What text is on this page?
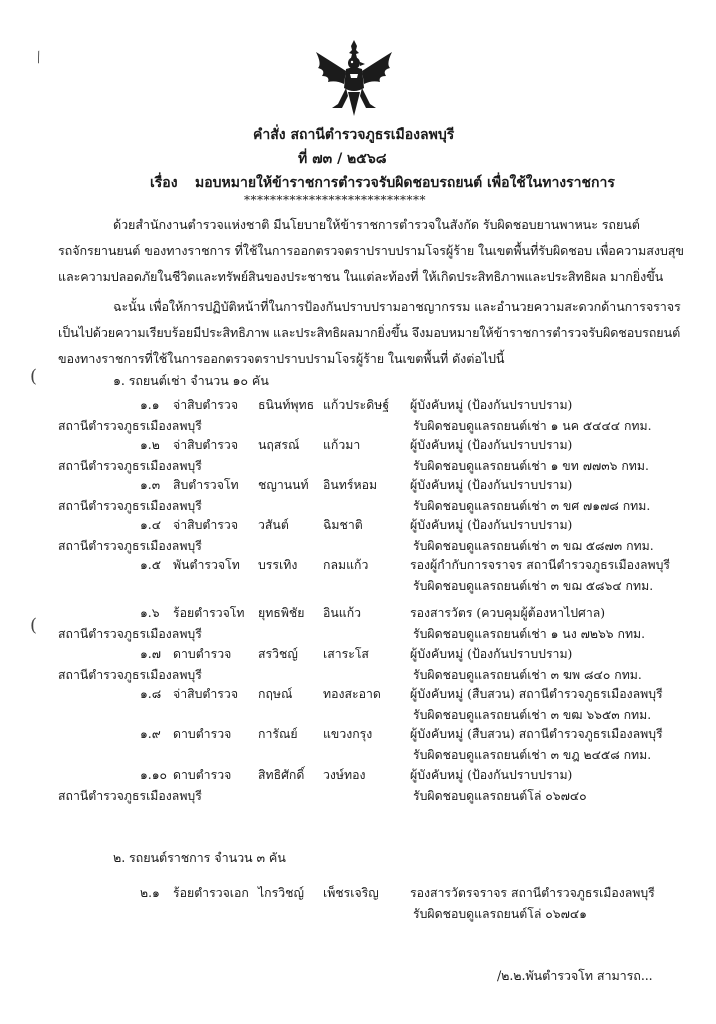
⁄
(
(
คำสั่ง สถานีตำรวจภูธรเมืองลพบุรี
ที่ ๗๓ / ๒๕๖๘
เรื่อง มอบหมายให้ข้าราชการตำรวจรับผิดชอบรถยนต์ เพื่อใช้ในทางราชการ
****************************
ด้วยสำนักงานตำรวจแห่งชาติ มีนโยบายให้ข้าราชการตำรวจในสังกัด รับผิดชอบยานพาหนะ รถยนต์
รถจักรยานยนต์ ของทางราชการ ที่ใช้ในการออกตรวจตราปราบปรามโจรผู้ร้าย ในเขตพื้นที่รับผิดชอบ เพื่อความสงบสุข
และความปลอดภัยในชีวิตและทรัพย์สินของประชาชน ในแต่ละท้องที่ ให้เกิดประสิทธิภาพและประสิทธิผล มากยิ่งขึ้น
ฉะนั้น เพื่อให้การปฏิบัติหน้าที่ในการป้องกันปราบปรามอาชญากรรม และอำนวยความสะดวกด้านการจราจร
เป็นไปด้วยความเรียบร้อยมีประสิทธิภาพ และประสิทธิผลมากยิ่งขึ้น จึงมอบหมายให้ข้าราชการตำรวจรับผิดชอบรถยนต์
ของทางราชการที่ใช้ในการออกตรวจตราปราบปรามโจรผู้ร้าย ในเขตพื้นที่ ดังต่อไปนี้
๑. รถยนต์เช่า จำนวน ๑๐ คัน
๑.๑ จ่าสิบตำรวจ ธนินท์พุทธ แก้วประดิษฐ์ ผู้บังคับหมู่ (ป้องกันปราบปราม)
สถานีตำรวจภูธรเมืองลพบุรี	รับผิดชอบดูแลรถยนต์เช่า ๑ นค ๕๔๔๔ กทม.
๑.๒ จ่าสิบตำรวจ นฤสรณ์ แก้วมา	ผู้บังคับหมู่ (ป้องกันปราบปราม)
สถานีตำรวจภูธรเมืองลพบุรี	รับผิดชอบดูแลรถยนต์เช่า ๑ ขท ๗๗๓๖ กทม.
๑.๓ สิบตำรวจโท ชญานนท์ อินทร์หอม	ผู้บังคับหมู่ (ป้องกันปราบปราม)
สถานีตำรวจภูธรเมืองลพบุรี	รับผิดชอบดูแลรถยนต์เช่า ๓ ขศ ๗๑๗๘ กทม.
๑.๔ จ่าสิบตำรวจ วสันต์	ฉิมชาติ	ผู้บังคับหมู่ (ป้องกันปราบปราม)
สถานีตำรวจภูธรเมืองลพบุรี	รับผิดชอบดูแลรถยนต์เช่า ๓ ขฌ ๕๘๗๓ กทม.
๑.๕ พันตำรวจโท บรรเทิง กลมแก้ว	รองผู้กำกับการจราจร สถานีตำรวจภูธรเมืองลพบุรี
รับผิดชอบดูแลรถยนต์เช่า ๓ ขฌ ๕๘๖๔ กทม.
๑.๖ ร้อยตำรวจโท ยุทธพิชัย อินแก้ว	รองสารวัตร (ควบคุมผู้ต้องหาไปศาล)
สถานีตำรวจภูธรเมืองลพบุรี	รับผิดชอบดูแลรถยนต์เช่า ๑ นง ๗๒๖๖ กทม.
๑.๗ ดาบตำรวจ สรวิชญ์ เสาระโส	ผู้บังคับหมู่ (ป้องกันปราบปราม)
สถานีตำรวจภูธรเมืองลพบุรี	รับผิดชอบดูแลรถยนต์เช่า ๓ ฆพ ๘๔๐ กทม.
๑.๘ จ่าสิบตำรวจ กฤษณ์ ทองสะอาด ผู้บังคับหมู่ (สืบสวน) สถานีตำรวจภูธรเมืองลพบุรี
รับผิดชอบดูแลรถยนต์เช่า ๓ ขฒ ๖๖๕๓ กทม.
๑.๙ ดาบตำรวจ การัณย์ แขวงกรุง	ผู้บังคับหมู่ (สืบสวน) สถานีตำรวจภูธรเมืองลพบุรี
รับผิดชอบดูแลรถยนต์เช่า ๓ ขฎ ๒๔๕๘ กทม.
๑.๑๐ ดาบตำรวจ สิทธิศักดิ์ วงษ์ทอง	ผู้บังคับหมู่ (ป้องกันปราบปราม)
สถานีตำรวจภูธรเมืองลพบุรี	รับผิดชอบดูแลรถยนต์โล่ ๐๖๗๔๐
๒. รถยนต์ราชการ จำนวน ๓ คัน
๒.๑ ร้อยตำรวจเอก ไกรวิชญ์ เพ็ชรเจริญ	รองสารวัตรจราจร สถานีตำรวจภูธรเมืองลพบุรี
รับผิดชอบดูแลรถยนต์โล่ ๐๖๗๔๑
/๒.๒.พันตำรวจโท สามารถ...
